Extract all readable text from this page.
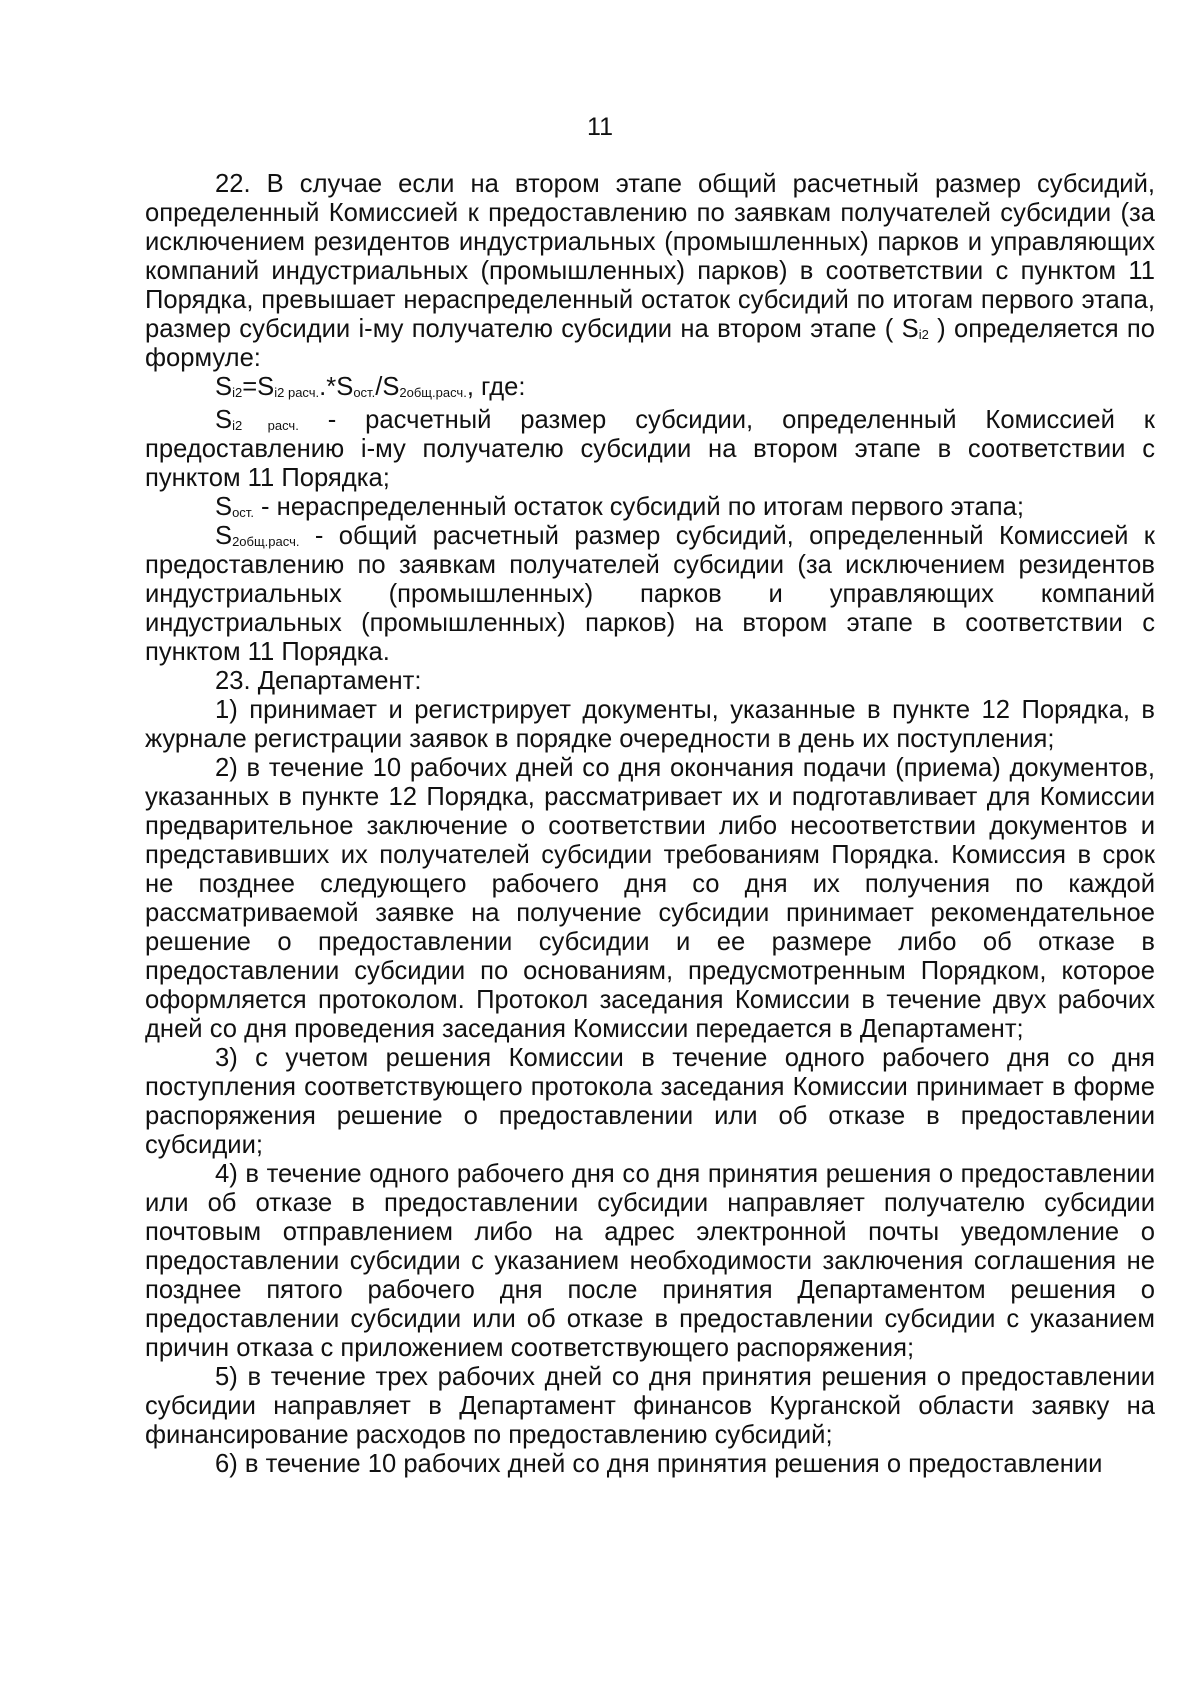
11

22. В случае если на втором этапе общий расчетный размер субсидий, определенный Комиссией к предоставлению по заявкам получателей субсидии (за исключением резидентов индустриальных (промышленных) парков и управляющих компаний индустриальных (промышленных) парков) в соответствии с пунктом 11 Порядка, превышает нераспределенный остаток субсидий по итогам первого этапа, размер субсидии i-му получателю субсидии на втором этапе ( $S_{i2}$ ) определяется по формуле:

$S_{i2}=S_{i2 расч.}.*S_{ост.}/S_{2общ.расч.}$, где:

$S_{i2 расч.}$ - расчетный размер субсидии, определенный Комиссией к предоставлению i-му получателю субсидии на втором этапе в соответствии с пунктом 11 Порядка;

$S_{ост.}$ - нераспределенный остаток субсидий по итогам первого этапа;

$S_{2общ.расч.}$ - общий расчетный размер субсидий, определенный Комиссией к предоставлению по заявкам получателей субсидии (за исключением резидентов индустриальных (промышленных) парков и управляющих компаний индустриальных (промышленных) парков) на втором этапе в соответствии с пунктом 11 Порядка.

23. Департамент:

1) принимает и регистрирует документы, указанные в пункте 12 Порядка, в журнале регистрации заявок в порядке очередности в день их поступления;

2) в течение 10 рабочих дней со дня окончания подачи (приема) документов, указанных в пункте 12 Порядка, рассматривает их и подготавливает для Комиссии предварительное заключение о соответствии либо несоответствии документов и представивших их получателей субсидии требованиям Порядка. Комиссия в срок не позднее следующего рабочего дня со дня их получения по каждой рассматриваемой заявке на получение субсидии принимает рекомендательное решение о предоставлении субсидии и ее размере либо об отказе в предоставлении субсидии по основаниям, предусмотренным Порядком, которое оформляется протоколом. Протокол заседания Комиссии в течение двух рабочих дней со дня проведения заседания Комиссии передается в Департамент;

3) с учетом решения Комиссии в течение одного рабочего дня со дня поступления соответствующего протокола заседания Комиссии принимает в форме распоряжения решение о предоставлении или об отказе в предоставлении субсидии;

4) в течение одного рабочего дня со дня принятия решения о предоставлении или об отказе в предоставлении субсидии направляет получателю субсидии почтовым отправлением либо на адрес электронной почты уведомление о предоставлении субсидии с указанием необходимости заключения соглашения не позднее пятого рабочего дня после принятия Департаментом решения о предоставлении субсидии или об отказе в предоставлении субсидии с указанием причин отказа с приложением соответствующего распоряжения;

5) в течение трех рабочих дней со дня принятия решения о предоставлении субсидии направляет в Департамент финансов Курганской области заявку на финансирование расходов по предоставлению субсидий;

6) в течение 10 рабочих дней со дня принятия решения о предоставлении
